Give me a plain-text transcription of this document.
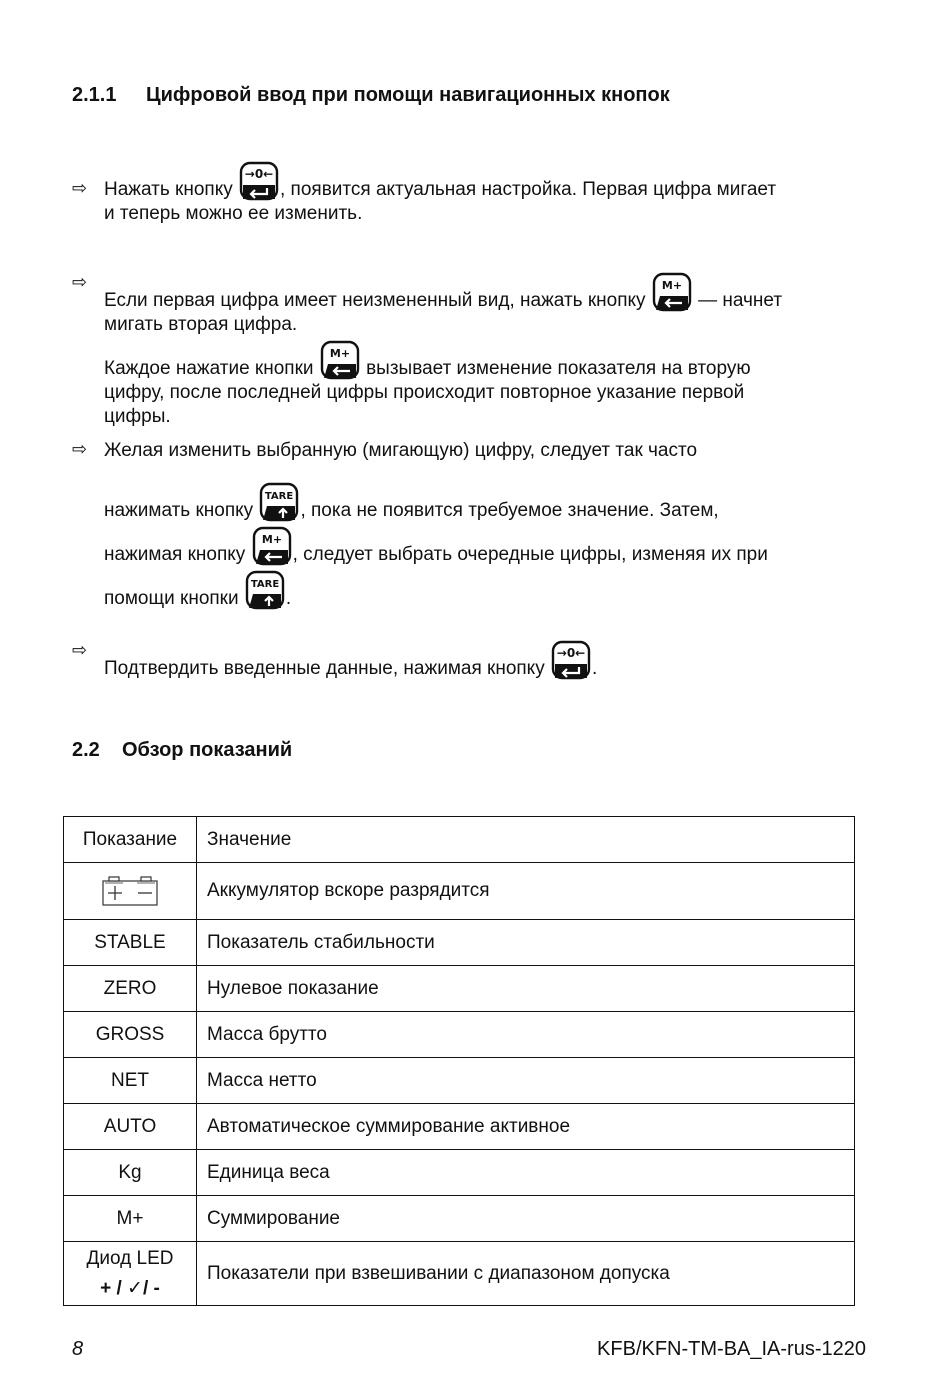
2.1.1 Цифровой ввод при помощи навигационных кнопок
⇨ Нажать кнопку
→0←
, появится актуальная настройка. Первая цифра мигает
и теперь можно ее изменить.
⇨
Если первая цифра имеет неизмененный вид, нажать кнопку
M+
— начнет
мигать вторая цифра.
Каждое нажатие кнопки
M+
вызывает изменение показателя на вторую
цифру, после последней цифры происходит повторное указание первой
цифры.
⇨ Желая изменить выбранную (мигающую) цифру, следует так часто
нажимать кнопку
TARE
, пока не появится требуемое значение. Затем,
нажимая кнопку
M+
, следует выбрать очередные цифры, изменяя их при
помощи кнопки
TARE
.
⇨
Подтвердить введенные данные, нажимая кнопку
→0←
.
2.2 Обзор показаний
Показание	Значение
	Аккумулятор вскоре разрядится
STABLE	Показатель стабильности
ZERO	Нулевое показание
GROSS	Масса брутто
NET	Масса нетто
AUTO	Автоматическое суммирование активное
Kg	Единица веса
M+	Суммирование
Диод LED
+ / ✓/ -	Показатели при взвешивании с диапазоном допуска
8	KFB/KFN-TM-BA_IA-rus-1220
